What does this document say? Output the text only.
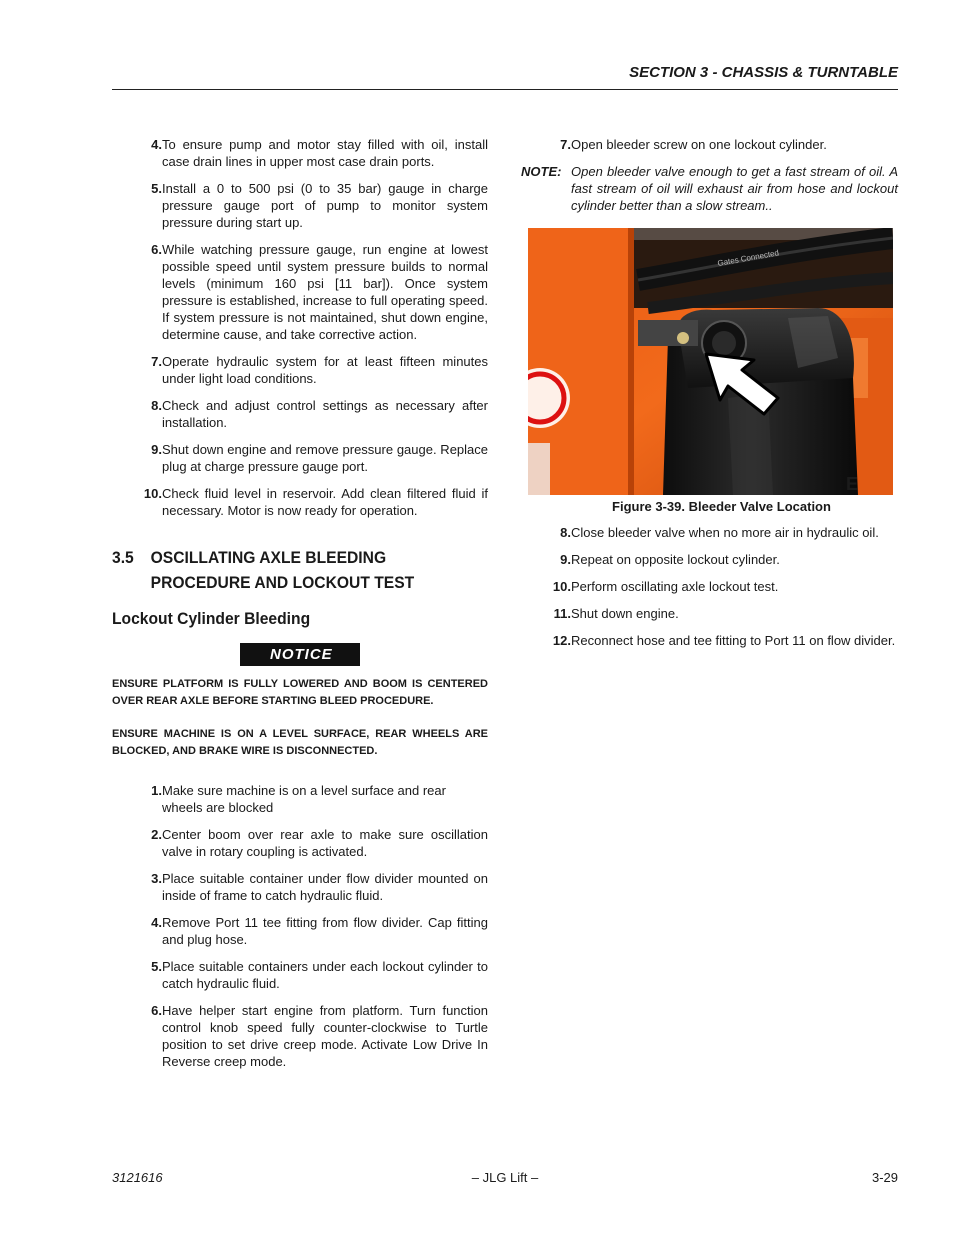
SECTION 3 - CHASSIS & TURNTABLE
4. To ensure pump and motor stay filled with oil, install case drain lines in upper most case drain ports.
5. Install a 0 to 500 psi (0 to 35 bar) gauge in charge pressure gauge port of pump to monitor system pressure during start up.
6. While watching pressure gauge, run engine at lowest possible speed until system pressure builds to normal levels (minimum 160 psi [11 bar]). Once system pressure is established, increase to full operating speed. If system pressure is not maintained, shut down engine, determine cause, and take corrective action.
7. Operate hydraulic system for at least fifteen minutes under light load conditions.
8. Check and adjust control settings as necessary after installation.
9. Shut down engine and remove pressure gauge. Replace plug at charge pressure gauge port.
10. Check fluid level in reservoir. Add clean filtered fluid if necessary. Motor is now ready for operation.
3.5 OSCILLATING AXLE BLEEDING PROCEDURE AND LOCKOUT TEST
Lockout Cylinder Bleeding
NOTICE
ENSURE PLATFORM IS FULLY LOWERED AND BOOM IS CENTERED OVER REAR AXLE BEFORE STARTING BLEED PROCEDURE.
ENSURE MACHINE IS ON A LEVEL SURFACE, REAR WHEELS ARE BLOCKED, AND BRAKE WIRE IS DISCONNECTED.
1. Make sure machine is on a level surface and rear wheels are blocked
2. Center boom over rear axle to make sure oscillation valve in rotary coupling is activated.
3. Place suitable container under flow divider mounted on inside of frame to catch hydraulic fluid.
4. Remove Port 11 tee fitting from flow divider. Cap fitting and plug hose.
5. Place suitable containers under each lockout cylinder to catch hydraulic fluid.
6. Have helper start engine from platform. Turn function control knob speed fully counter-clockwise to Turtle position to set drive creep mode. Activate Low Drive In Reverse creep mode.
7. Open bleeder screw on one lockout cylinder.
NOTE: Open bleeder valve enough to get a fast stream of oil. A fast stream of oil will exhaust air from hose and lockout cylinder better than a slow stream..
Gates Connected
E
Figure 3-39. Bleeder Valve Location
8. Close bleeder valve when no more air in hydraulic oil.
9. Repeat on opposite lockout cylinder.
10. Perform oscillating axle lockout test.
11. Shut down engine.
12. Reconnect hose and tee fitting to Port 11 on flow divider.
3121616	– JLG Lift –	3-29
